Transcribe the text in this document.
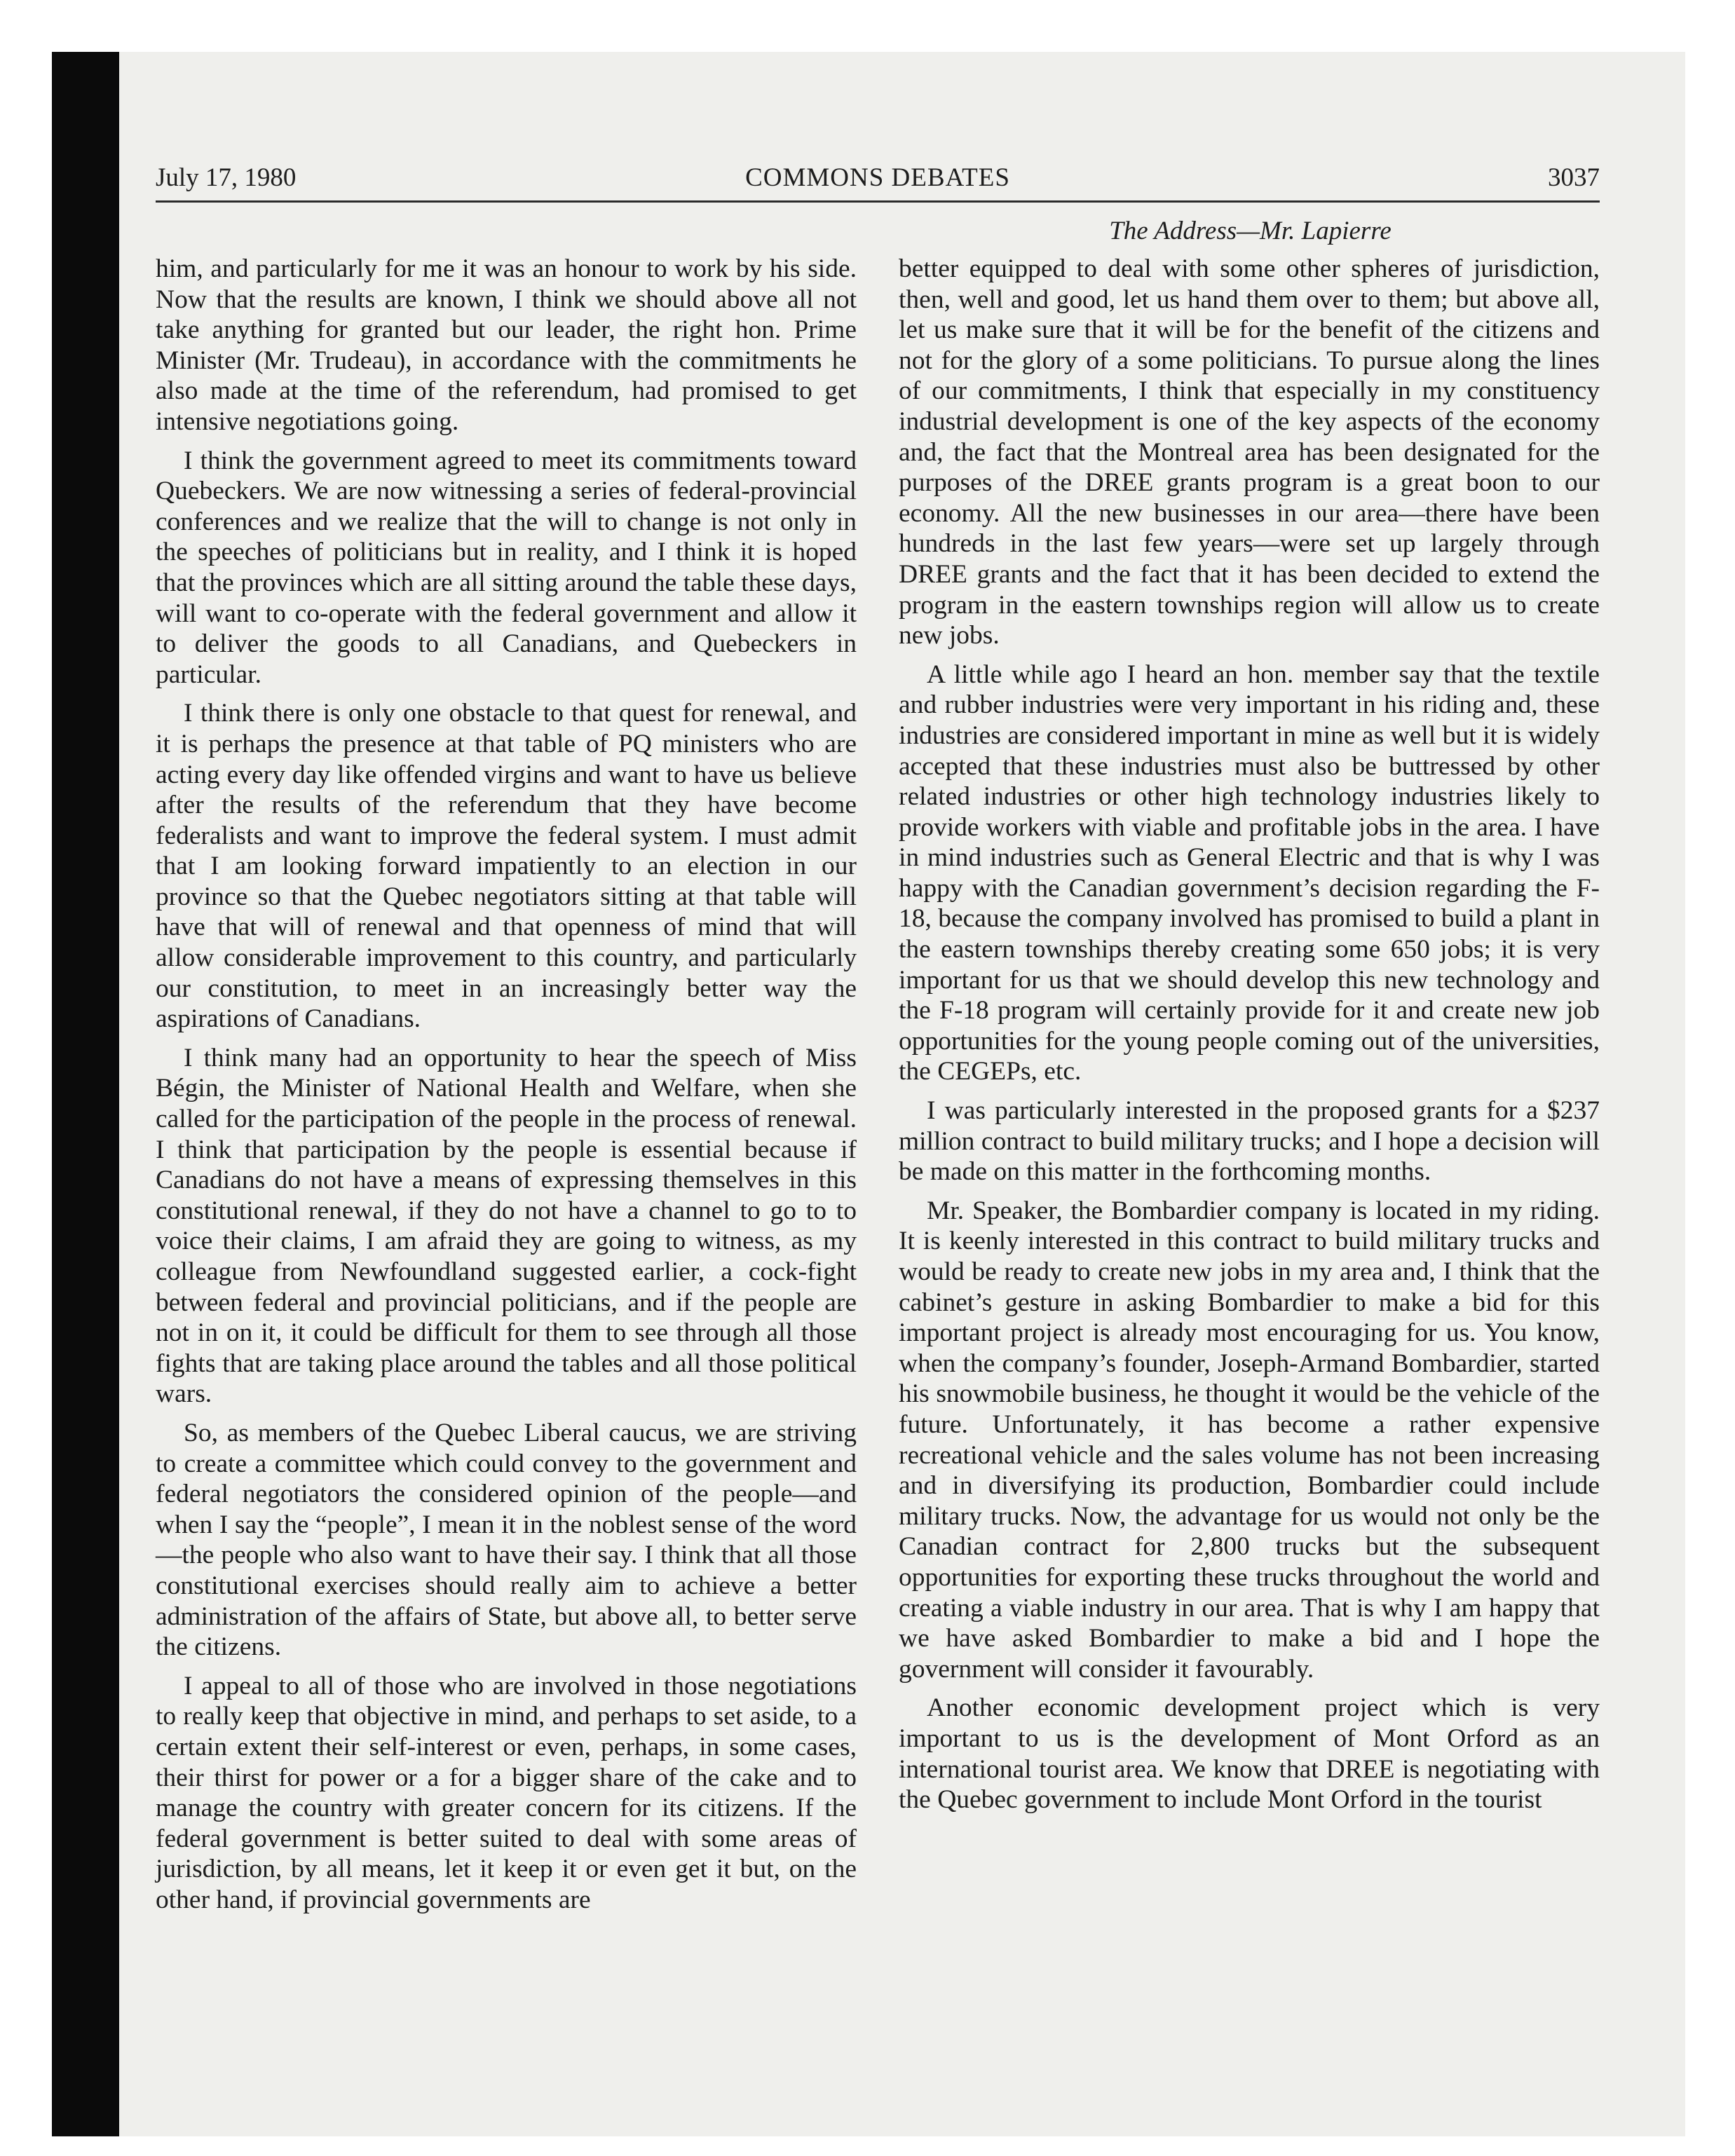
July 17, 1980	COMMONS DEBATES	3037
The Address—Mr. Lapierre

him, and particularly for me it was an honour to work by his side. Now that the results are known, I think we should above all not take anything for granted but our leader, the right hon. Prime Minister (Mr. Trudeau), in accordance with the commitments he also made at the time of the referendum, had promised to get intensive negotiations going.

I think the government agreed to meet its commitments toward Quebeckers. We are now witnessing a series of federal-provincial conferences and we realize that the will to change is not only in the speeches of politicians but in reality, and I think it is hoped that the provinces which are all sitting around the table these days, will want to co-operate with the federal government and allow it to deliver the goods to all Canadians, and Quebeckers in particular.

I think there is only one obstacle to that quest for renewal, and it is perhaps the presence at that table of PQ ministers who are acting every day like offended virgins and want to have us believe after the results of the referendum that they have become federalists and want to improve the federal system. I must admit that I am looking forward impatiently to an election in our province so that the Quebec negotiators sitting at that table will have that will of renewal and that openness of mind that will allow considerable improvement to this country, and particularly our constitution, to meet in an increasingly better way the aspirations of Canadians.

I think many had an opportunity to hear the speech of Miss Bégin, the Minister of National Health and Welfare, when she called for the participation of the people in the process of renewal. I think that participation by the people is essential because if Canadians do not have a means of expressing themselves in this constitutional renewal, if they do not have a channel to go to to voice their claims, I am afraid they are going to witness, as my colleague from Newfoundland suggested earlier, a cock-fight between federal and provincial politicians, and if the people are not in on it, it could be difficult for them to see through all those fights that are taking place around the tables and all those political wars.

So, as members of the Quebec Liberal caucus, we are striving to create a committee which could convey to the government and federal negotiators the considered opinion of the people—and when I say the “people”, I mean it in the noblest sense of the word—the people who also want to have their say. I think that all those constitutional exercises should really aim to achieve a better administration of the affairs of State, but above all, to better serve the citizens.

I appeal to all of those who are involved in those negotiations to really keep that objective in mind, and perhaps to set aside, to a certain extent their self-interest or even, perhaps, in some cases, their thirst for power or a for a bigger share of the cake and to manage the country with greater concern for its citizens. If the federal government is better suited to deal with some areas of jurisdiction, by all means, let it keep it or even get it but, on the other hand, if provincial governments are

better equipped to deal with some other spheres of jurisdiction, then, well and good, let us hand them over to them; but above all, let us make sure that it will be for the benefit of the citizens and not for the glory of a some politicians. To pursue along the lines of our commitments, I think that especially in my constituency industrial development is one of the key aspects of the economy and, the fact that the Montreal area has been designated for the purposes of the DREE grants program is a great boon to our economy. All the new businesses in our area—there have been hundreds in the last few years—were set up largely through DREE grants and the fact that it has been decided to extend the program in the eastern townships region will allow us to create new jobs.

A little while ago I heard an hon. member say that the textile and rubber industries were very important in his riding and, these industries are considered important in mine as well but it is widely accepted that these industries must also be buttressed by other related industries or other high technology industries likely to provide workers with viable and profitable jobs in the area. I have in mind industries such as General Electric and that is why I was happy with the Canadian government’s decision regarding the F-18, because the company involved has promised to build a plant in the eastern townships thereby creating some 650 jobs; it is very important for us that we should develop this new technology and the F-18 program will certainly provide for it and create new job opportunities for the young people coming out of the universities, the CEGEPs, etc.

I was particularly interested in the proposed grants for a $237 million contract to build military trucks; and I hope a decision will be made on this matter in the forthcoming months.

Mr. Speaker, the Bombardier company is located in my riding. It is keenly interested in this contract to build military trucks and would be ready to create new jobs in my area and, I think that the cabinet’s gesture in asking Bombardier to make a bid for this important project is already most encouraging for us. You know, when the company’s founder, Joseph-Armand Bombardier, started his snowmobile business, he thought it would be the vehicle of the future. Unfortunately, it has become a rather expensive recreational vehicle and the sales volume has not been increasing and in diversifying its production, Bombardier could include military trucks. Now, the advantage for us would not only be the Canadian contract for 2,800 trucks but the subsequent opportunities for exporting these trucks throughout the world and creating a viable industry in our area. That is why I am happy that we have asked Bombardier to make a bid and I hope the government will consider it favourably.

Another economic development project which is very important to us is the development of Mont Orford as an international tourist area. We know that DREE is negotiating with the Quebec government to include Mont Orford in the tourist
